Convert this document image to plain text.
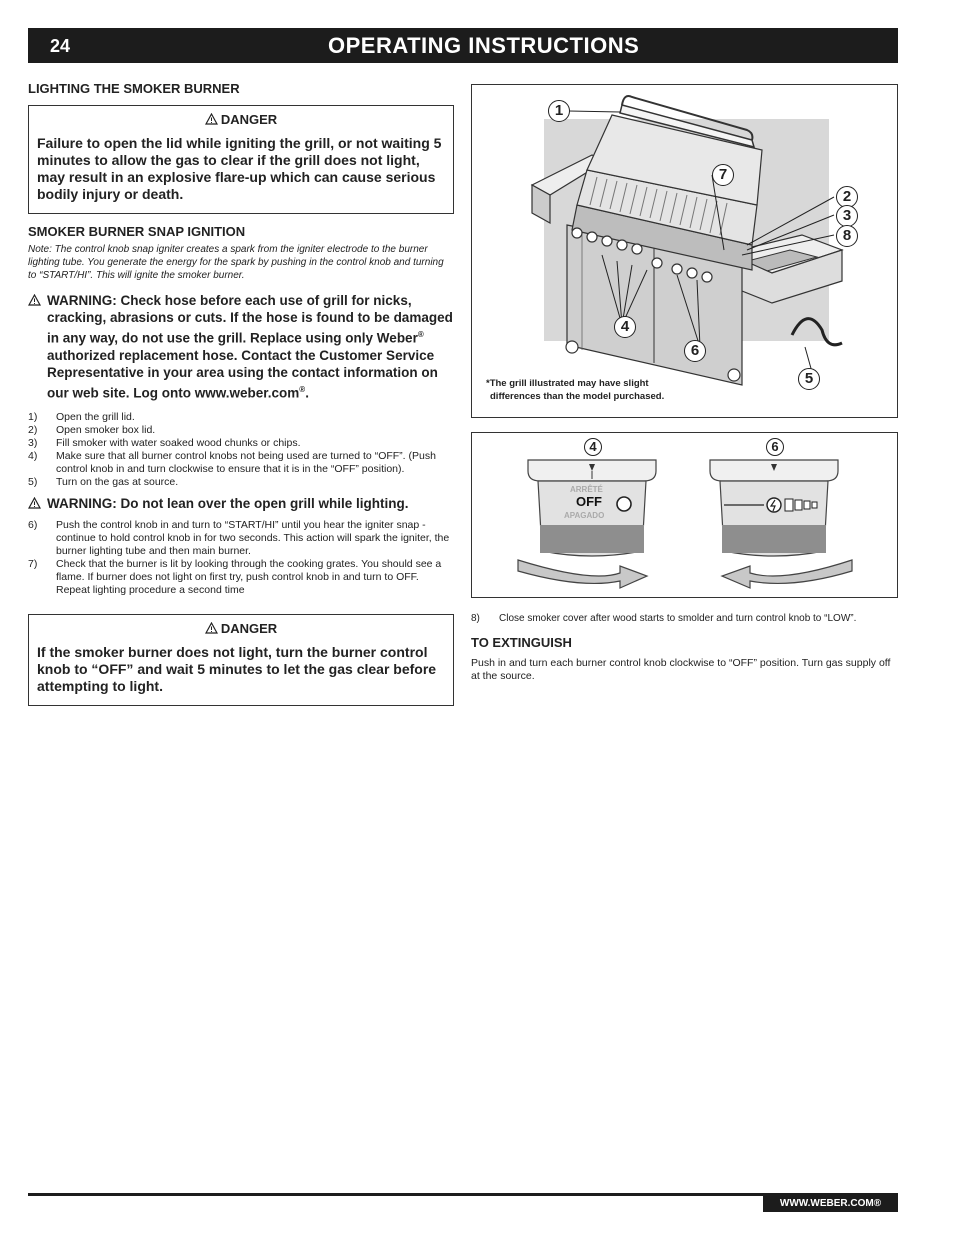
24	OPERATING INSTRUCTIONS
LIGHTING THE SMOKER BURNER
DANGER
Failure to open the lid while igniting the grill, or not waiting 5 minutes to allow the gas to clear if the grill does not light, may result in an explosive flare-up which can cause serious bodily injury or death.
SMOKER BURNER SNAP IGNITION

Note: The control knob snap igniter creates a spark from the igniter electrode to the burner lighting tube. You generate the energy for the spark by pushing in the control knob and turning to “START/HI”. This will ignite the smoker burner.

WARNING: Check hose before each use of grill for nicks, cracking, abrasions or cuts. If the hose is found to be damaged in any way, do not use the grill. Replace using only Weber® authorized replacement hose. Contact the Customer Service Representative in your area using the contact information on our web site. Log onto www.weber.com®.
1) Open the grill lid.
2) Open smoker box lid.
3) Fill smoker with water soaked wood chunks or chips.
4) Make sure that all burner control knobs not being used are turned to “OFF”. (Push control knob in and turn clockwise to ensure that it is in the “OFF” position).
5) Turn on the gas at source.
WARNING: Do not lean over the open grill while lighting.
6) Push the control knob in and turn to “START/HI” until you hear the igniter snap - continue to hold control knob in for two seconds. This action will spark the igniter, the burner lighting tube and then main burner.
7) Check that the burner is lit by looking through the cooking grates. You should see a flame. If burner does not light on first try, push control knob in and turn to OFF. Repeat lighting procedure a second time
DANGER
If the smoker burner does not light, turn the burner control knob to “OFF” and wait 5 minutes to let the gas clear before attempting to light.
1
7
2
3
8
4
6
5
*The grill illustrated may have slight
differences than the model purchased.
4	6
ARRÊTÉ
OFF
APAGADO
8) Close smoker cover after wood starts to smolder and turn control knob to “LOW”.
TO EXTINGUISH

Push in and turn each burner control knob clockwise to “OFF” position. Turn gas supply off at the source.

WWW.WEBER.COM®
